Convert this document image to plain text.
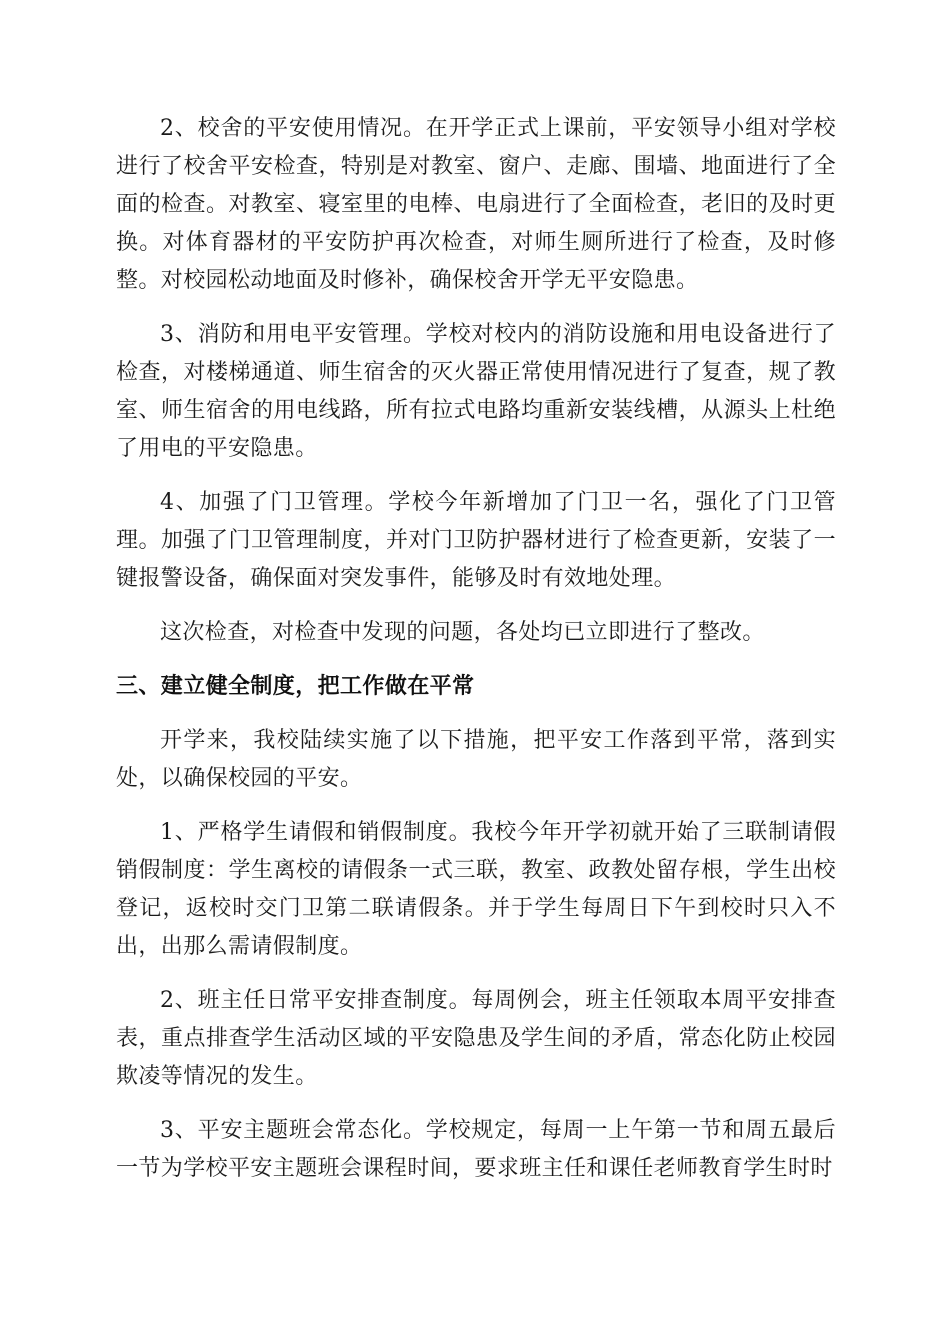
2、校舍的平安使用情况。在开学正式上课前，平安领导小组对学校进行了校舍平安检查，特别是对教室、窗户、走廊、围墙、地面进行了全面的检查。对教室、寝室里的电棒、电扇进行了全面检查，老旧的及时更换。对体育器材的平安防护再次检查，对师生厕所进行了检查，及时修整。对校园松动地面及时修补，确保校舍开学无平安隐患。

3、消防和用电平安管理。学校对校内的消防设施和用电设备进行了检查，对楼梯通道、师生宿舍的灭火器正常使用情况进行了复查，规了教室、师生宿舍的用电线路，所有拉式电路均重新安装线槽，从源头上杜绝了用电的平安隐患。

4、加强了门卫管理。学校今年新增加了门卫一名，强化了门卫管理。加强了门卫管理制度，并对门卫防护器材进行了检查更新，安装了一键报警设备，确保面对突发事件，能够及时有效地处理。

这次检查，对检查中发现的问题，各处均已立即进行了整改。

三、建立健全制度，把工作做在平常

开学来，我校陆续实施了以下措施，把平安工作落到平常，落到实处，以确保校园的平安。

1、严格学生请假和销假制度。我校今年开学初就开始了三联制请假销假制度：学生离校的请假条一式三联，教室、政教处留存根，学生出校登记，返校时交门卫第二联请假条。并于学生每周日下午到校时只入不出，出那么需请假制度。

2、班主任日常平安排查制度。每周例会，班主任领取本周平安排查表，重点排查学生活动区域的平安隐患及学生间的矛盾，常态化防止校园欺凌等情况的发生。

3、平安主题班会常态化。学校规定，每周一上午第一节和周五最后一节为学校平安主题班会课程时间，要求班主任和课任老师教育学生时时
